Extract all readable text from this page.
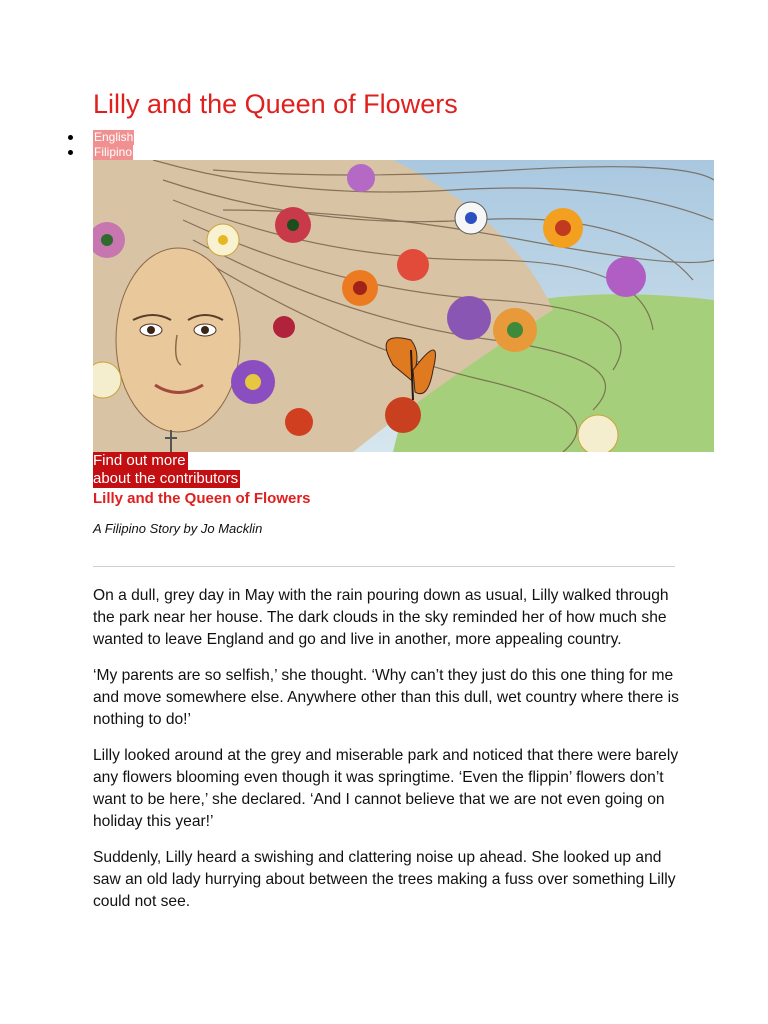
Lilly and the Queen of Flowers
English
Filipino
Find out more
about the contributors
Lilly and the Queen of Flowers

A Filipino Story by Jo Macklin

On a dull, grey day in May with the rain pouring down as usual, Lilly walked through the park near her house. The dark clouds in the sky reminded her of how much she wanted to leave England and go and live in another, more appealing country.

‘My parents are so selfish,’ she thought. ‘Why can’t they just do this one thing for me and move somewhere else. Anywhere other than this dull, wet country where there is nothing to do!’

Lilly looked around at the grey and miserable park and noticed that there were barely any flowers blooming even though it was springtime. ‘Even the flippin’ flowers don’t want to be here,’ she declared. ‘And I cannot believe that we are not even going on holiday this year!’

Suddenly, Lilly heard a swishing and clattering noise up ahead. She looked up and saw an old lady hurrying about between the trees making a fuss over something Lilly could not see.
